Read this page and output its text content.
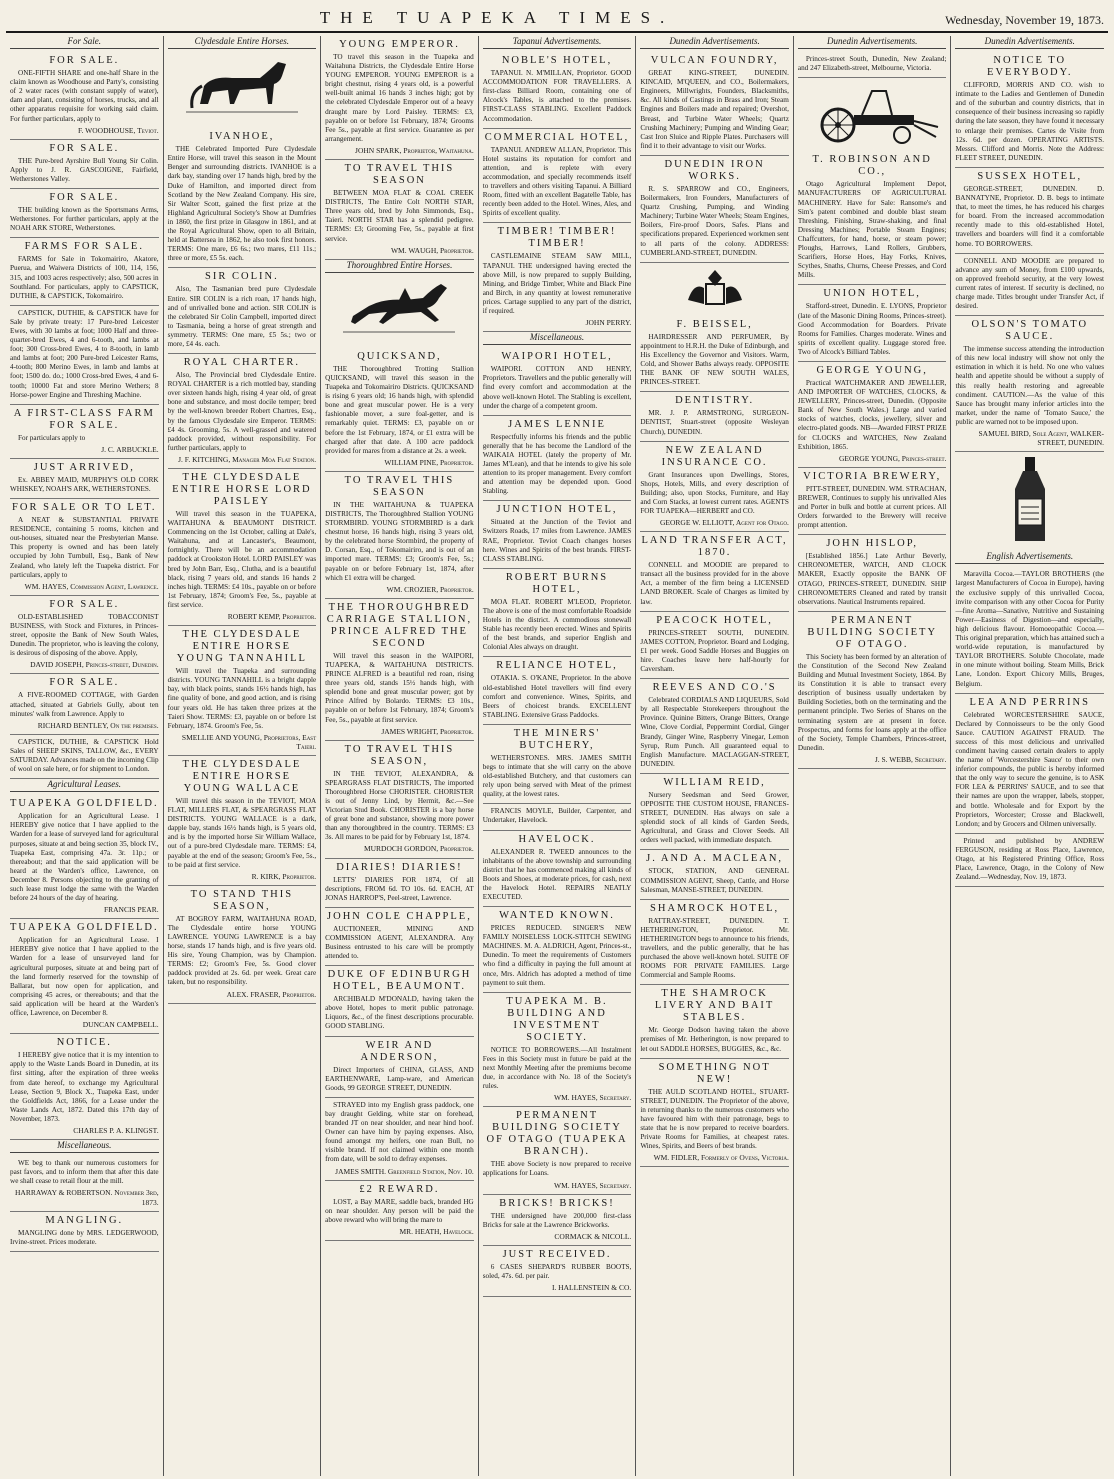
THE TUAPEKA TIMES.	Wednesday, November 19, 1873.
For Sale.
FOR SALE.

ONE-FIFTH SHARE and one-half Share in the claim known as Woodhouse and Party's, consisting of 2 water races (with constant supply of water), dam and plant, consisting of horses, trucks, and all other apparatus requisite for working said claim. For further particulars, apply to

F. WOODHOUSE, Teviot.
FOR SALE.

THE Pure-bred Ayrshire Bull Young Sir Colin. Apply to J. R. GASCOIGNE, Fairfield, Wetherstones Valley.

FOR SALE.

THE building known as the Sportsmans Arms, Wetherstones. For further particulars, apply at the NOAH ARK STORE, Wetherstones.

FARMS FOR SALE.

FARMS for Sale in Tokomairiro, Akatore, Puerua, and Waiwera Districts of 100, 114, 156, 315, and 1003 acres respectively; also, 500 acres in Southland. For particulars, apply to CAPSTICK, DUTHIE, & CAPSTICK, Tokomairiro.

CAPSTICK, DUTHIE, & CAPSTICK have for Sale by private treaty: 17 Pure-bred Leicester Ewes, with 30 lambs at foot; 1000 Half and three-quarter-bred Ewes, 4 and 6-tooth, and lambs at foot; 300 Cross-bred Ewes, 4 to 8-tooth, in lamb and lambs at foot; 200 Pure-bred Leicester Rams, 4-tooth; 800 Merino Ewes, in lamb and lambs at foot; 1500 do. do.; 1000 Cross-bred Ewes, 4 and 6-tooth; 10000 Fat and store Merino Wethers; 8 Horse-power Engine and Threshing Machine.

A FIRST-CLASS FARM FOR SALE.

For particulars apply to

J. C. ARBUCKLE.
JUST ARRIVED,

Ex. ABBEY MAID, MURPHY'S OLD CORK WHISKEY, NOAH'S ARK, WETHERSTONES.

FOR SALE OR TO LET.

A NEAT & SUBSTANTIAL PRIVATE RESIDENCE, containing 5 rooms, kitchen and out-houses, situated near the Presbyterian Manse. This property is owned and has been lately occupied by John Turnbull, Esq., Bank of New Zealand, who lately left the Tuapeka district. For particulars, apply to

WM. HAYES, Commission Agent, Lawrence.
FOR SALE.

OLD-ESTABLISHED TOBACCONIST BUSINESS, with Stock and Fixtures, in Princes-street, opposite the Bank of New South Wales, Dunedin. The proprietor, who is leaving the colony, is desirous of disposing of the above. Apply,

DAVID JOSEPH, Princes-street, Dunedin.
FOR SALE.

A FIVE-ROOMED COTTAGE, with Garden attached, situated at Gabriels Gully, about ten minutes' walk from Lawrence. Apply to

RICHARD BENTLEY, On the premises.

CAPSTICK, DUTHIE, & CAPSTICK Hold Sales of SHEEP SKINS, TALLOW, &c., EVERY SATURDAY. Advances made on the incoming Clip of wool on sale here, or for shipment to London.

Agricultural Leases.
TUAPEKA GOLDFIELD.

Application for an Agricultural Lease. I HEREBY give notice that I have applied to the Warden for a lease of surveyed land for agricultural purposes, situate at and being section 35, block IV., Tuapeka East, comprising 47a. 3r. 11p.; or thereabout; and that the said application will be heard at the Warden's office, Lawrence, on December 8. Persons objecting to the granting of such lease must lodge the same with the Warden before 24 hours of the day of hearing.

FRANCIS PEAR.
TUAPEKA GOLDFIELD.

Application for an Agricultural Lease. I HEREBY give notice that I have applied to the Warden for a lease of unsurveyed land for agricultural purposes, situate at and being part of the land formerly reserved for the township of Ballarat, but now open for application, and comprising 45 acres, or thereabouts; and that the said application will be heard at the Warden's office, Lawrence, on December 8.

DUNCAN CAMPBELL.
NOTICE.

I HEREBY give notice that it is my intention to apply to the Waste Lands Board in Dunedin, at its first sitting, after the expiration of three weeks from date hereof, to exchange my Agricultural Lease, Section 9, Block X., Tuapeka East, under the Goldfields Act, 1866, for a Lease under the Waste Lands Act, 1872. Dated this 17th day of November, 1873.

CHARLES P. A. KLINGST.
Miscellaneous.

WE beg to thank our numerous customers for past favors, and to inform them that after this date we shall cease to retail flour at the mill.

HARRAWAY & ROBERTSON. November 3rd, 1873.
MANGLING.

MANGLING done by MRS. LEDGERWOOD, Irvine-street. Prices moderate.

Clydesdale Entire Horses.
IVANHOE,

THE Celebrated Imported Pure Clydesdale Entire Horse, will travel this season in the Mount Benger and surrounding districts. IVANHOE is a dark bay, standing over 17 hands high, bred by the Duke of Hamilton, and imported direct from Scotland by the New Zealand Company. His sire, Sir Walter Scott, gained the first prize at the Highland Agricultural Society's Show at Dumfries in 1860, the first prize in Glasgow in 1861, and at the Royal Agricultural Show, open to all Britain, held at Battersea in 1862, he also took first honors. TERMS: One mare, £6 6s.; two mares, £11 11s.; three or more, £5 5s. each.

SIR COLIN.

Also, The Tasmanian bred pure Clydesdale Entire. SIR COLIN is a rich roan, 17 hands high, and of unrivalled bone and action. SIR COLIN is the celebrated Sir Colin Campbell, imported direct to Tasmania, being a horse of great strength and symmetry. TERMS: One mare, £5 5s.; two or more, £4 4s. each.

ROYAL CHARTER.

Also, The Provincial bred Clydesdale Entire. ROYAL CHARTER is a rich mottled bay, standing over sixteen hands high, rising 4 year old, of great bone and substance, and most docile temper; bred by the well-known breeder Robert Chartres, Esq., by the famous Clydesdale sire Emperor. TERMS: £4 4s. Grooming, 5s. A well-grassed and watered paddock provided, without responsibility. For further particulars, apply to

J. F. KITCHING, Manager Moa Flat Station.
THE CLYDESDALE ENTIRE HORSE LORD PAISLEY

Will travel this season in the TUAPEKA, WAITAHUNA & BEAUMONT DISTRICT. Commencing on the 1st October, calling at Dale's, Waitahuna, and at Lancaster's, Beaumont, fortnightly. There will be an accommodation paddock at Crookston Hotel. LORD PAISLEY was bred by John Barr, Esq., Clutha, and is a beautiful black, rising 7 years old, and stands 16 hands 2 inches high. TERMS: £4 10s., payable on or before 1st February, 1874; Groom's Fee, 5s., payable at first service.

ROBERT KEMP, Proprietor.
THE CLYDESDALE ENTIRE HORSE YOUNG TANNAHILL

Will travel the Tuapeka and surrounding districts. YOUNG TANNAHILL is a bright dapple bay, with black points, stands 16½ hands high, has fine quality of bone, and good action, and is rising four years old. He has taken three prizes at the Taieri Show. TERMS: £3, payable on or before 1st February, 1874. Groom's Fee, 5s.

SMELLIE AND YOUNG, Proprietors, East Taieri.
THE CLYDESDALE ENTIRE HORSE YOUNG WALLACE

Will travel this season in the TEVIOT, MOA FLAT, MILLERS FLAT, & SPEARGRASS FLAT DISTRICTS. YOUNG WALLACE is a dark, dapple bay, stands 16½ hands high, is 5 years old, and is by the imported horse Sir William Wallace, out of a pure-bred Clydesdale mare. TERMS: £4, payable at the end of the season; Groom's Fee, 5s., to be paid at first service.

R. KIRK, Proprietor.
TO STAND THIS SEASON,

AT BOGROY FARM, WAITAHUNA ROAD, The Clydesdale entire horse YOUNG LAWRENCE. YOUNG LAWRENCE is a bay horse, stands 17 hands high, and is five years old. His sire, Young Champion, was by Champion. TERMS: £2; Groom's Fee, 5s. Good clover paddock provided at 2s. 6d. per week. Great care taken, but no responsibility.

ALEX. FRASER, Proprietor.
YOUNG EMPEROR.

TO travel this season in the Tuapeka and Waitahuna Districts, the Clydesdale Entire Horse YOUNG EMPEROR. YOUNG EMPEROR is a bright chestnut, rising 4 years old, is a powerful well-built animal 16 hands 3 inches high; got by the celebrated Clydesdale Emperor out of a heavy draught mare by Lord Paisley. TERMS: £3, payable on or before 1st February, 1874; Grooms Fee 5s., payable at first service. Guarantee as per arrangement.

JOHN SPARK, Proprietor, Waitahuna.
TO TRAVEL THIS SEASON

BETWEEN MOA FLAT & COAL CREEK DISTRICTS, The Entire Colt NORTH STAR, Three years old, bred by John Simmonds, Esq., Taieri. NORTH STAR has a splendid pedigree. TERMS: £3; Grooming Fee, 5s., payable at first service.

WM. WAUGH, Proprietor.
Thoroughbred Entire Horses.
QUICKSAND,

THE Thoroughbred Trotting Stallion QUICKSAND, will travel this season in the Tuapeka and Tokomairiro Districts. QUICKSAND is rising 6 years old; 16 hands high, with splendid bone and great muscular power. He is a very fashionable mover, a sure foal-getter, and is remarkably quiet. TERMS: £3, payable on or before the 1st February, 1874, or £1 extra will be charged after that date. A 100 acre paddock provided for mares from a distance at 2s. a week.

WILLIAM PINE, Proprietor.
TO TRAVEL THIS SEASON

IN THE WAITAHUNA & TUAPEKA DISTRICTS, The Thoroughbred Stallion YOUNG STORMBIRD. YOUNG STORMBIRD is a dark chestnut horse, 16 hands high, rising 3 years old, by the celebrated horse Stormbird, the property of D. Corsan, Esq., of Tokomairiro, and is out of an imported mare. TERMS: £3; Groom's Fee, 5s.; payable on or before February 1st, 1874, after which £1 extra will be charged.

WM. CROZIER, Proprietor.
THE THOROUGHBRED CARRIAGE STALLION, PRINCE ALFRED THE SECOND

Will travel this season in the WAIPORI, TUAPEKA, & WAITAHUNA DISTRICTS. PRINCE ALFRED is a beautiful red roan, rising three years old, stands 15½ hands high, with splendid bone and great muscular power; got by Prince Alfred by Bolardo. TERMS: £3 10s., payable on or before 1st February, 1874; Groom's Fee, 5s., payable at first service.

JAMES WRIGHT, Proprietor.
TO TRAVEL THIS SEASON,

IN THE TEVIOT, ALEXANDRA, & SPEARGRASS FLAT DISTRICTS, The imported Thoroughbred Horse CHORISTER. CHORISTER is out of Jenny Lind, by Hermit, &c.—See Victorian Stud Book. CHORISTER is a bay horse of great bone and substance, showing more power than any thoroughbred in the country. TERMS: £3 3s. All mares to be paid for by February 1st, 1874.

MURDOCH GORDON, Proprietor.
DIARIES! DIARIES!

LETTS' DIARIES FOR 1874, Of all descriptions, FROM 6d. TO 10s. 6d. EACH, AT JONAS HARROP'S, Peel-street, Lawrence.

JOHN COLE CHAPPLE,

AUCTIONEER, MINING AND COMMISSION AGENT, ALEXANDRA. Any Business entrusted to his care will be promptly attended to.

DUKE OF EDINBURGH HOTEL, BEAUMONT.

ARCHIBALD M'DONALD, having taken the above Hotel, hopes to merit public patronage. Liquors, &c., of the finest descriptions procurable. GOOD STABLING.

WEIR AND ANDERSON,

Direct Importers of CHINA, GLASS, AND EARTHENWARE, Lamp-ware, and American Goods, 99 GEORGE STREET, DUNEDIN.

STRAYED into my English grass paddock, one bay draught Gelding, white star on forehead, branded JT on near shoulder, and near hind hoof. Owner can have him by paying expenses. Also, found amongst my heifers, one roan Bull, no visible brand. If not claimed within one month from date, will be sold to defray expenses.

JAMES SMITH. Greenfield Station, Nov. 10.
£2 REWARD.

LOST, a Bay MARE, saddle back, branded HG on near shoulder. Any person will be paid the above reward who will bring the mare to

MR. HEATH, Havelock.
Tapanui Advertisements.
NOBLE'S HOTEL,

TAPANUI. N. M'MILLAN, Proprietor. GOOD ACCOMMODATION FOR TRAVELLERS. A first-class Billiard Room, containing one of Alcock's Tables, is attached to the premises. FIRST-CLASS STABLING. Excellent Paddock Accommodation.

COMMERCIAL HOTEL,

TAPANUI. ANDREW ALLAN, Proprietor. This Hotel sustains its reputation for comfort and attention, and is replete with every accommodation, and specially recommends itself to travellers and others visiting Tapanui. A Billiard Room, fitted with an excellent Bagatelle Table, has recently been added to the Hotel. Wines, Ales, and Spirits of excellent quality.

TIMBER! TIMBER! TIMBER!

CASTLEMAINE STEAM SAW MILL, TAPANUI. THE undersigned having erected the above Mill, is now prepared to supply Building, Mining, and Bridge Timber, White and Black Pine and Birch, in any quantity at lowest remunerative prices. Cartage supplied to any part of the district, if required.

JOHN PERRY.
Miscellaneous.
WAIPORI HOTEL,

WAIPORI. COTTON AND HENRY, Proprietors. Travellers and the public generally will find every comfort and accommodation at the above well-known Hotel. The Stabling is excellent, under the charge of a competent groom.

JAMES LENNIE

Respectfully informs his friends and the public generally that he has become the Landlord of the WAIKAIA HOTEL (lately the property of Mr. James M'Lean), and that he intends to give his sole attention to its proper management. Every comfort and attention may be depended upon. Good Stabling.

JUNCTION HOTEL,

Situated at the Junction of the Teviot and Switzers Roads, 17 miles from Lawrence. JAMES RAE, Proprietor. Teviot Coach changes horses here. Wines and Spirits of the best brands. FIRST-CLASS STABLING.

ROBERT BURNS HOTEL,

MOA FLAT. ROBERT M'LEOD, Proprietor. The above is one of the most comfortable Roadside Hotels in the district. A commodious stonewall Stable has recently been erected. Wines and Spirits of the best brands, and superior English and Colonial Ales always on draught.

RELIANCE HOTEL,

OTAKIA. S. O'KANE, Proprietor. In the above old-established Hotel travellers will find every comfort and convenience. Wines, Spirits, and Beers of choicest brands. EXCELLENT STABLING. Extensive Grass Paddocks.

THE MINERS' BUTCHERY,

WETHERSTONES. MRS. JAMES SMITH begs to intimate that she will carry on the above old-established Butchery, and that customers can rely upon being served with Meat of the primest quality, at the lowest rates.

FRANCIS MOYLE, Builder, Carpenter, and Undertaker, Havelock.

HAVELOCK.

ALEXANDER R. TWEED announces to the inhabitants of the above township and surrounding district that he has commenced making all kinds of Boots and Shoes, at moderate prices, for cash, next the Havelock Hotel. REPAIRS NEATLY EXECUTED.

WANTED KNOWN.

PRICES REDUCED. SINGER'S NEW FAMILY NOISELESS LOCK-STITCH SEWING MACHINES. M. A. ALDRICH, Agent, Princes-st., Dunedin. To meet the requirements of Customers who find a difficulty in paying the full amount at once, Mrs. Aldrich has adopted a method of time payment to suit them.

TUAPEKA M. B. BUILDING AND INVESTMENT SOCIETY.

NOTICE TO BORROWERS.—All Instalment Fees in this Society must in future be paid at the next Monthly Meeting after the premiums become due, in accordance with No. 18 of the Society's rules.

WM. HAYES, Secretary.
PERMANENT BUILDING SOCIETY OF OTAGO (TUAPEKA BRANCH).

THE above Society is now prepared to receive applications for Loans.

WM. HAYES, Secretary.
BRICKS! BRICKS!

THE undersigned have 200,000 first-class Bricks for sale at the Lawrence Brickworks.

CORMACK & NICOLL.
JUST RECEIVED.

6 CASES SHEPARD'S RUBBER BOOTS, soled, 47s. 6d. per pair.

I. HALLENSTEIN & CO.
Dunedin Advertisements.
VULCAN FOUNDRY,

GREAT KING-STREET, DUNEDIN. KINCAID, M'QUEEN, and CO., Boilermakers, Engineers, Millwrights, Founders, Blacksmiths, &c. All kinds of Castings in Brass and Iron; Steam Engines and Boilers made and repaired; Overshot, Breast, and Turbine Water Wheels; Quartz Crushing Machinery; Pumping and Winding Gear; Cast Iron Sluice and Ripple Plates. Purchasers will find it to their advantage to visit our Works.

DUNEDIN IRON WORKS.

R. S. SPARROW and CO., Engineers, Boilermakers, Iron Founders, Manufacturers of Quartz Crushing, Pumping, and Winding Machinery; Turbine Water Wheels; Steam Engines, Boilers, Fire-proof Doors, Safes. Plans and specifications prepared. Experienced workmen sent to all parts of the colony. ADDRESS: CUMBERLAND-STREET, DUNEDIN.

F. BEISSEL,

HAIRDRESSER AND PERFUMER, By appointment to H.R.H. the Duke of Edinburgh, and His Excellency the Governor and Visitors. Warm, Cold, and Shower Baths always ready. OPPOSITE THE BANK OF NEW SOUTH WALES, PRINCES-STREET.

DENTISTRY.

MR. J. P. ARMSTRONG, SURGEON-DENTIST, Stuart-street (opposite Wesleyan Church), DUNEDIN.

NEW ZEALAND INSURANCE CO.

Grant Insurances upon Dwellings, Stores, Shops, Hotels, Mills, and every description of Building; also, upon Stocks, Furniture, and Hay and Corn Stacks, at lowest current rates. AGENTS FOR TUAPEKA—HERBERT and CO.

GEORGE W. ELLIOTT, Agent for Otago.
LAND TRANSFER ACT, 1870.

CONNELL and MOODIE are prepared to transact all the business provided for in the above Act, a member of the firm being a LICENSED LAND BROKER. Scale of Charges as limited by law.

PEACOCK HOTEL,

PRINCES-STREET SOUTH, DUNEDIN. JAMES COTTON, Proprietor. Board and Lodging, £1 per week. Good Saddle Horses and Buggies on hire. Coaches leave here half-hourly for Caversham.

REEVES AND CO.'S

Celebrated CORDIALS AND LIQUEURS, Sold by all Respectable Storekeepers throughout the Province. Quinine Bitters, Orange Bitters, Orange Wine, Clove Cordial, Peppermint Cordial, Ginger Brandy, Ginger Wine, Raspberry Vinegar, Lemon Syrup, Rum Punch. All guaranteed equal to English Manufacture. MACLAGGAN-STREET, DUNEDIN.

WILLIAM REID,

Nursery Seedsman and Seed Grower, OPPOSITE THE CUSTOM HOUSE, FRANCES-STREET, DUNEDIN. Has always on sale a splendid stock of all kinds of Garden Seeds, Agricultural, and Grass and Clover Seeds. All orders well packed, with immediate despatch.

J. AND A. MACLEAN,

STOCK, STATION, AND GENERAL COMMISSION AGENT, Sheep, Cattle, and Horse Salesman, MANSE-STREET, DUNEDIN.

SHAMROCK HOTEL,

RATTRAY-STREET, DUNEDIN. T. HETHERINGTON, Proprietor. Mr. HETHERINGTON begs to announce to his friends, travellers, and the public generally, that he has purchased the above well-known hotel. SUITE OF ROOMS FOR PRIVATE FAMILIES. Large Commercial and Sample Rooms.

THE SHAMROCK LIVERY AND BAIT STABLES.

Mr. George Dodson having taken the above premises of Mr. Hetherington, is now prepared to let out SADDLE HORSES, BUGGIES, &c., &c.

SOMETHING NOT NEW!

THE AULD SCOTLAND HOTEL, STUART-STREET, DUNEDIN. The Proprietor of the above, in returning thanks to the numerous customers who have favoured him with their patronage, begs to state that he is now prepared to receive boarders. Private Rooms for Families, at cheapest rates. Wines, Spirits, and Beers of best brands.

WM. FIDLER, Formerly of Ovens, Victoria.
Dunedin Advertisements.

Princes-street South, Dunedin, New Zealand; and 247 Elizabeth-street, Melbourne, Victoria.

T. ROBINSON AND CO.,

Otago Agricultural Implement Depot, MANUFACTURERS OF AGRICULTURAL MACHINERY. Have for Sale: Ransome's and Sim's patent combined and double blast steam Threshing, Finishing, Straw-shaking, and final Dressing Machines; Portable Steam Engines; Chaffcutters, for hand, horse, or steam power; Ploughs, Harrows, Land Rollers, Grubbers, Scarifiers, Horse Hoes, Hay Forks, Knives, Scythes, Snaths, Churns, Cheese Presses, and Cord Mills.

UNION HOTEL,

Stafford-street, Dunedin. E. LYONS, Proprietor (late of the Masonic Dining Rooms, Princes-street). Good Accommodation for Boarders. Private Rooms for Families. Charges moderate. Wines and spirits of excellent quality. Luggage stored free. Two of Alcock's Billiard Tables.

GEORGE YOUNG,

Practical WATCHMAKER AND JEWELLER, AND IMPORTER OF WATCHES, CLOCKS, & JEWELLERY, Princes-street, Dunedin. (Opposite Bank of New South Wales.) Large and varied stocks of watches, clocks, jewellery, silver and electro-plated goods. NB—Awarded FIRST PRIZE for CLOCKS and WATCHES, New Zealand Exhibition, 1865.

GEORGE YOUNG, Princes-street.
VICTORIA BREWERY,

PITT-STREET, DUNEDIN. WM. STRACHAN, BREWER, Continues to supply his unrivalled Ales and Porter in bulk and bottle at current prices. All Orders forwarded to the Brewery will receive prompt attention.

JOHN HISLOP,

[Established 1856.] Late Arthur Beverly, CHRONOMETER, WATCH, AND CLOCK MAKER, Exactly opposite the BANK OF OTAGO, PRINCES-STREET, DUNEDIN. SHIP CHRONOMETERS Cleaned and rated by transit observations. Nautical Instruments repaired.

PERMANENT BUILDING SOCIETY OF OTAGO.

This Society has been formed by an alteration of the Constitution of the Second New Zealand Building and Mutual Investment Society, 1864. By its Constitution it is able to transact every description of business usually undertaken by Building Societies, both on the terminating and the permanent principle. Two Series of Shares on the terminating system are at present in force. Prospectus, and forms for loans apply at the office of the Society, Temple Chambers, Princes-street, Dunedin.

J. S. WEBB, Secretary.
Dunedin Advertisements.
NOTICE TO EVERYBODY.

CLIFFORD, MORRIS AND CO. wish to intimate to the Ladies and Gentlemen of Dunedin and of the suburban and country districts, that in consequence of their business increasing so rapidly during the late season, they have found it necessary to enlarge their premises. Cartes de Visite from 12s. 6d. per dozen. OPERATING ARTISTS. Messrs. Clifford and Morris. Note the Address: FLEET STREET, DUNEDIN.

SUSSEX HOTEL,

GEORGE-STREET, DUNEDIN. D. BANNATYNE, Proprietor. D. B. begs to intimate that, to meet the times, he has reduced his charges for board. From the increased accommodation recently made to this old-established Hotel, travellers and boarders will find it a comfortable home. TO BORROWERS.

CONNELL AND MOODIE are prepared to advance any sum of Money, from £100 upwards, on approved freehold security, at the very lowest current rates of interest. If security is declined, no charge made. Titles brought under Transfer Act, if desired.

OLSON'S TOMATO SAUCE.

The immense success attending the introduction of this new local industry will show not only the estimation in which it is held. No one who values health and appetite should be without a supply of this really health restoring and agreeable condiment. CAUTION.—As the value of this Sauce has brought many inferior articles into the market, under the name of 'Tomato Sauce,' the public are warned not to be imposed upon.

SAMUEL BIRD, Sole Agent, WALKER-STREET, DUNEDIN.
English Advertisements.

Maravilla Cocoa.—TAYLOR BROTHERS (the largest Manufacturers of Cocoa in Europe), having the exclusive supply of this unrivalled Cocoa, invite comparison with any other Cocoa for Purity—fine Aroma—Sanative, Nutritive and Sustaining Power—Easiness of Digestion—and especially, high delicious flavour. Homoeopathic Cocoa.—This original preparation, which has attained such a world-wide reputation, is manufactured by TAYLOR BROTHERS. Soluble Chocolate, made in one minute without boiling. Steam Mills, Brick Lane, London. Export Chicory Mills, Bruges, Belgium.

LEA AND PERRINS

Celebrated WORCESTERSHIRE SAUCE, Declared by Connoisseurs to be the only Good Sauce. CAUTION AGAINST FRAUD. The success of this most delicious and unrivalled condiment having caused certain dealers to apply the name of 'Worcestershire Sauce' to their own inferior compounds, the public is hereby informed that the only way to secure the genuine, is to ASK FOR LEA & PERRINS' SAUCE, and to see that their names are upon the wrapper, labels, stopper, and bottle. Wholesale and for Export by the Proprietors, Worcester; Crosse and Blackwell, London; and by Grocers and Oilmen universally.

Printed and published by ANDREW FERGUSON, residing at Ross Place, Lawrence, Otago, at his Registered Printing Office, Ross Place, Lawrence, Otago, in the Colony of New Zealand.—Wednesday, Nov. 19, 1873.
